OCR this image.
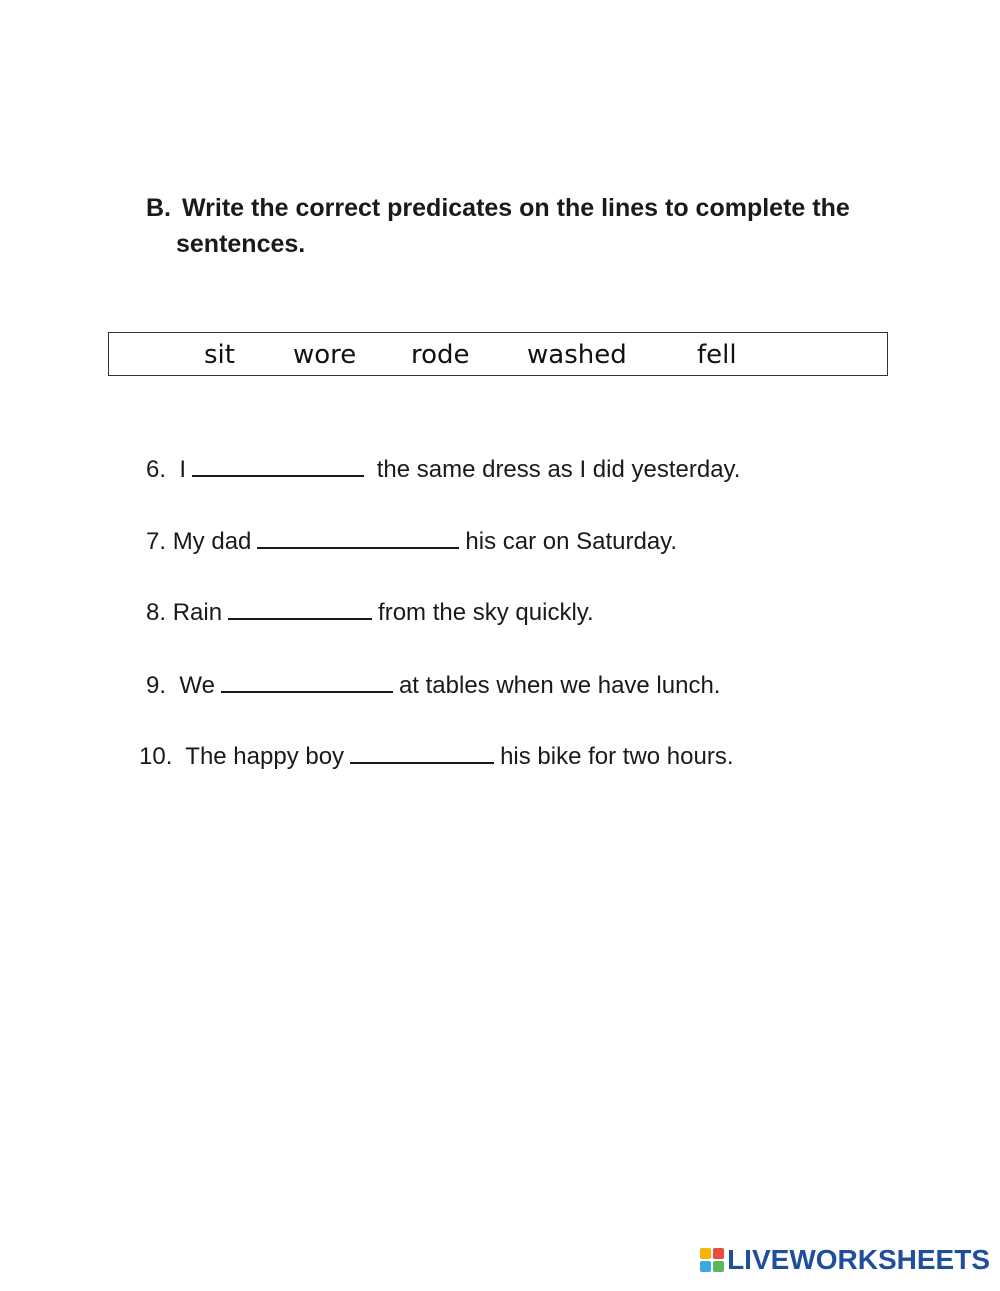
B. Write the correct predicates on the lines to complete the
sentences.
sit wore rode washed	fell
6. I	the same dress as I did yesterday.
7. My dad	his car on Saturday.
8. Rain	from the sky quickly.
9. We	at tables when we have lunch.
10. The happy boy	his bike for two hours.
LIVEWORKSHEETS
